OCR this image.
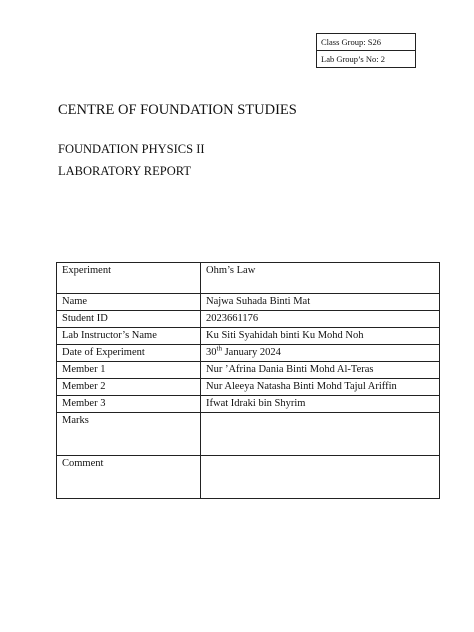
Class Group: S26
Lab Group’s No: 2
CENTRE OF FOUNDATION STUDIES
FOUNDATION PHYSICS II
LABORATORY REPORT
Experiment	Ohm’s Law
Name	Najwa Suhada Binti Mat
Student ID	2023661176
Lab Instructor’s Name	Ku Siti Syahidah binti Ku Mohd Noh
Date of Experiment	30th January 2024
Member 1	Nur ’Afrina Dania Binti Mohd Al-Teras
Member 2	Nur Aleeya Natasha Binti Mohd Tajul Ariffin
Member 3	Ifwat Idraki bin Shyrim
Marks	
Comment	
